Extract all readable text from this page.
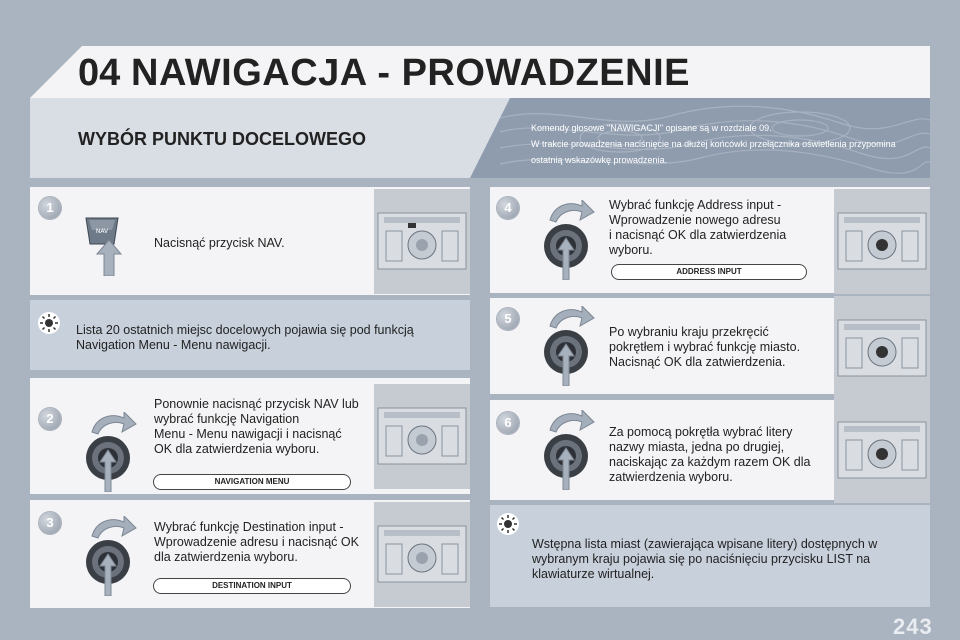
04 NAWIGACJA - PROWADZENIE
WYBÓR PUNKTU DOCELOWEGO
Komendy głosowe "NAWIGACJI" opisane są w rozdziale 09.
W trakcie prowadzenia naciśnięcie na dłużej końcówki przełącznika oświetlenia przypomina
ostatnią wskazówkę prowadzenia.
1
NAV
Nacisnąć przycisk NAV.
Lista 20 ostatnich miejsc docelowych pojawia się pod funkcją
Navigation Menu - Menu nawigacji.
2
Ponownie nacisnąć przycisk NAV lub
wybrać funkcję Navigation
Menu - Menu nawigacji i nacisnąć
OK dla zatwierdzenia wyboru.
NAVIGATION MENU
3	Wybrać funkcję Destination input -
Wprowadzenie adresu i nacisnąć OK
dla zatwierdzenia wyboru.
DESTINATION INPUT
4	Wybrać funkcję Address input -
Wprowadzenie nowego adresu
i nacisnąć OK dla zatwierdzenia
wyboru.
ADDRESS INPUT
5
Po wybraniu kraju przekręcić
pokrętłem i wybrać funkcję miasto.
Nacisnąć OK dla zatwierdzenia.
6
Za pomocą pokrętła wybrać litery
nazwy miasta, jedna po drugiej,
naciskając za każdym razem OK dla
zatwierdzenia wyboru.
Wstępna lista miast (zawierająca wpisane litery) dostępnych w
wybranym kraju pojawia się po naciśnięciu przycisku LIST na
klawiaturze wirtualnej.
243
